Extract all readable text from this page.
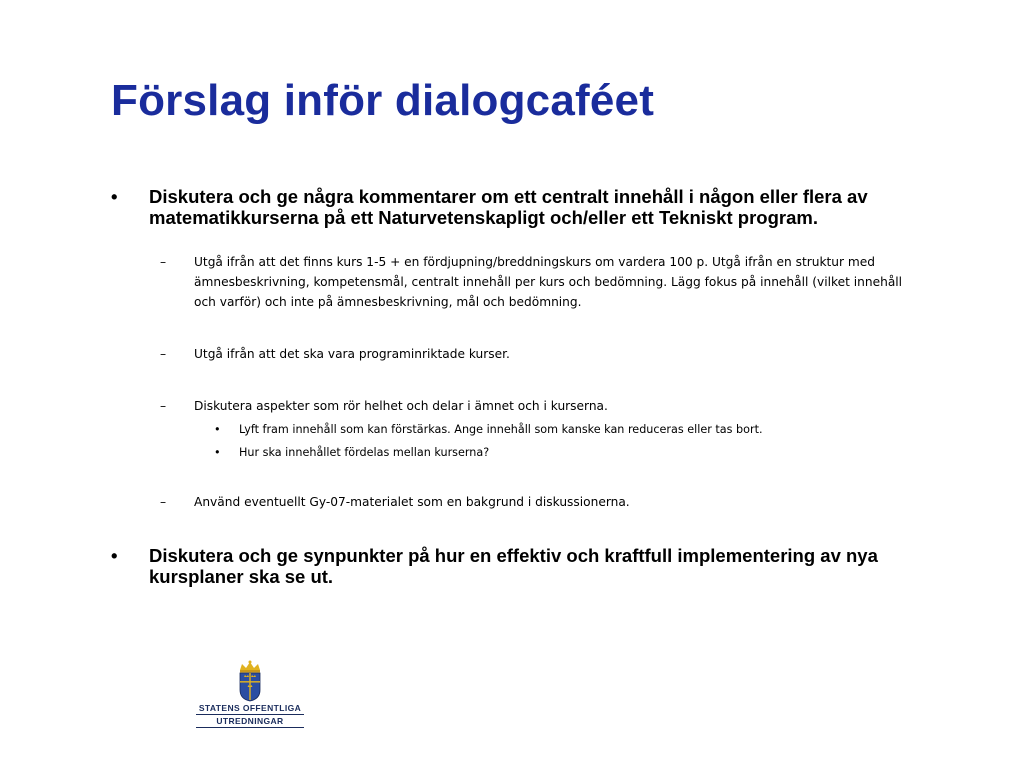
Förslag inför dialogcaféet
• Diskutera och ge några kommentarer om ett centralt innehåll i någon eller flera av matematikkurserna på ett Naturvetenskapligt och/eller ett Tekniskt program.
– Utgå ifrån att det finns kurs 1-5 + en fördjupning/breddningskurs om vardera 100 p. Utgå ifrån en struktur med ämnesbeskrivning, kompetensmål, centralt innehåll per kurs och bedömning. Lägg fokus på innehåll (vilket innehåll och varför) och inte på ämnesbeskrivning, mål och bedömning.
– Utgå ifrån att det ska vara programinriktade kurser.
– Diskutera aspekter som rör helhet och delar i ämnet och i kurserna.
• Lyft fram innehåll som kan förstärkas. Ange innehåll som kanske kan reduceras eller tas bort.
• Hur ska innehållet fördelas mellan kurserna?
– Använd eventuellt Gy-07-materialet som en bakgrund i diskussionerna.
• Diskutera och ge synpunkter på hur en effektiv och kraftfull implementering av nya kursplaner ska se ut.
STATENS OFFENTLIGA
UTREDNINGAR
